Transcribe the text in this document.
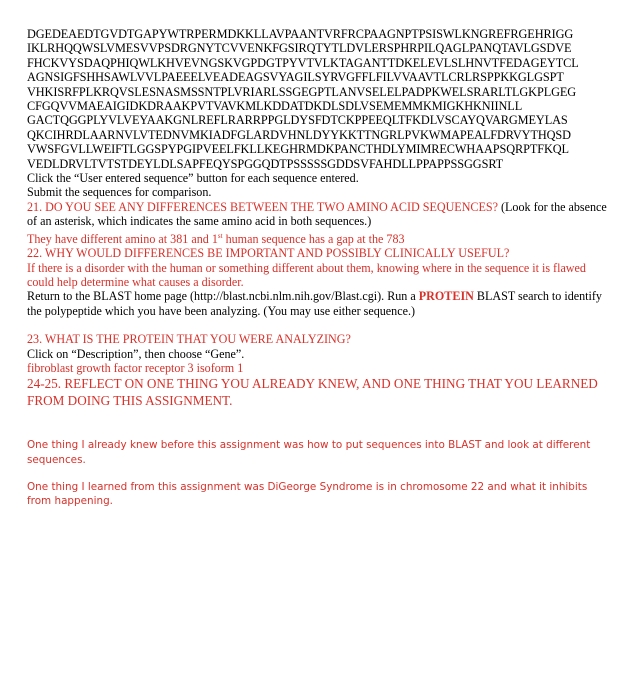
DGEDEAEDTGVDTGAPYWTRPERMDKKLLAVPAANTVRFRCPAAGNPTPSISWLKNGREFRGEHRIGG
IKLRHQQWSLVMESVVPSDRGNYTCVVENKFGSIRQTYTLDVLERSPHRPILQAGLPANQTAVLGSDVE
FHCKVYSDAQPHIQWLKHVEVNGSKVGPDGTPYVTVLKTAGANTTDKELEVLSLHNVTFEDAGEYTCL
AGNSIGFSHHSAWLVVLPAEEELVEADEAGSVYAGILSYRVGFFLFILVVAAVTLCRLRSPPKKGLGSPT
VHKISRFPLKRQVSLESNASMSSNTPLVRIARLSSGEGPTLANVSELELPADPKWELSRARLTLGKPLGEG
CFGQVVMAEAIGIDKDRAAKPVTVAVKMLKDDATDKDLSDLVSEMEMMKMIGKHKNIINLL
GACTQGGPLYVLVEYAAKGNLREFLRARRPPGLDYSFDTCKPPEEQLTFKDLVSCAYQVARGMEYLAS
QKCIHRDLAARNVLVTEDNVMKIADFGLARDVHNLDYYKKTTNGRLPVKWMAPEALFDRVYTHQSD
VWSFGVLLWEIFTLGGSPYPGIPVEELFKLLKEGHRMDKPANCTHDLYMIMRECWHAAPSQRPTFKQL
VEDLDRVLTVTSTDEYLDLSAPFEQYSPGGQDTPSSSSSGDDSVFAHDLLPPAPPSSGGSRT
Click the “User entered sequence” button for each sequence entered.
Submit the sequences for comparison.
21. DO YOU SEE ANY DIFFERENCES BETWEEN THE TWO AMINO ACID SEQUENCES? (Look for the absence of an asterisk, which indicates the same amino acid in both sequences.)
They have different amino at 381 and 1st human sequence has a gap at the 783
22. WHY WOULD DIFFERENCES BE IMPORTANT AND POSSIBLY CLINICALLY USEFUL?
If there is a disorder with the human or something different about them, knowing where in the sequence it is flawed could help determine what causes a disorder.
Return to the BLAST home page (http://blast.ncbi.nlm.nih.gov/Blast.cgi). Run a PROTEIN BLAST search to identify the polypeptide which you have been analyzing. (You may use either sequence.)
23. WHAT IS THE PROTEIN THAT YOU WERE ANALYZING?
Click on “Description”, then choose “Gene”.
fibroblast growth factor receptor 3 isoform 1
24-25. REFLECT ON ONE THING YOU ALREADY KNEW, AND ONE THING THAT YOU LEARNED FROM DOING THIS ASSIGNMENT.
One thing I already knew before this assignment was how to put sequences into BLAST and look at different sequences.
One thing I learned from this assignment was DiGeorge Syndrome is in chromosome 22 and what it inhibits from happening.
